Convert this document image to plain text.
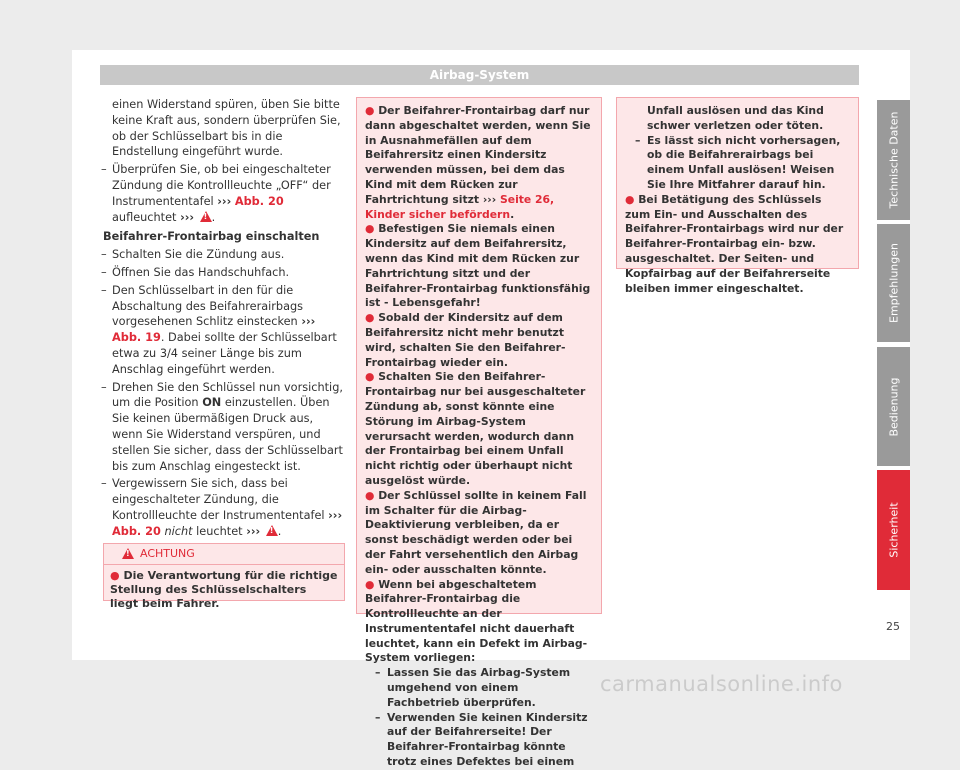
Airbag-System

einen Widerstand spüren, üben Sie bitte keine Kraft aus, sondern überprüfen Sie, ob der Schlüsselbart bis in die Endstellung eingeführt wurde.

– Überprüfen Sie, ob bei eingeschalteter Zündung die Kontrollleuchte „OFF“ der Instrumententafel ››› Abb. 20 aufleuchtet ››› ! .
Beifahrer-Frontairbag einschalten
– Schalten Sie die Zündung aus.
– Öffnen Sie das Handschuhfach.
– Den Schlüsselbart in den für die Abschaltung des Beifahrerairbags vorgesehenen Schlitz einstecken ››› Abb. 19. Dabei sollte der Schlüsselbart etwa zu 3/4 seiner Länge bis zum Anschlag eingeführt werden.
– Drehen Sie den Schlüssel nun vorsichtig, um die Position ON einzustellen. Üben Sie keinen übermäßigen Druck aus, wenn Sie Widerstand verspüren, und stellen Sie sicher, dass der Schlüsselbart bis zum Anschlag eingesteckt ist.
– Vergewissern Sie sich, dass bei eingeschalteter Zündung, die Kontrollleuchte der Instrumententafel ››› Abb. 20 nicht leuchtet ››› ! .
!
ACHTUNG
● Die Verantwortung für die richtige Stellung des Schlüsselschalters liegt beim Fahrer.

● Der Beifahrer-Frontairbag darf nur dann abgeschaltet werden, wenn Sie in Ausnahmefällen auf dem Beifahrersitz einen Kindersitz verwenden müssen, bei dem das Kind mit dem Rücken zur Fahrtrichtung sitzt ››› Seite 26, Kinder sicher befördern.

● Befestigen Sie niemals einen Kindersitz auf dem Beifahrersitz, wenn das Kind mit dem Rücken zur Fahrtrichtung sitzt und der Beifahrer-Frontairbag funktionsfähig ist - Lebensgefahr!

● Sobald der Kindersitz auf dem Beifahrersitz nicht mehr benutzt wird, schalten Sie den Beifahrer-Frontairbag wieder ein.

● Schalten Sie den Beifahrer-Frontairbag nur bei ausgeschalteter Zündung ab, sonst könnte eine Störung im Airbag-System verursacht werden, wodurch dann der Frontairbag bei einem Unfall nicht richtig oder überhaupt nicht ausgelöst würde.

● Der Schlüssel sollte in keinem Fall im Schalter für die Airbag-Deaktivierung verbleiben, da er sonst beschädigt werden oder bei der Fahrt versehentlich den Airbag ein- oder ausschalten könnte.

● Wenn bei abgeschaltetem Beifahrer-Frontairbag die Kontrollleuchte an der Instrumententafel nicht dauerhaft leuchtet, kann ein Defekt im Airbag-System vorliegen:

– Lassen Sie das Airbag-System umgehend von einem Fachbetrieb überprüfen.

– Verwenden Sie keinen Kindersitz auf der Beifahrerseite! Der Beifahrer-Frontairbag könnte trotz eines Defektes bei einem

Unfall auslösen und das Kind schwer verletzen oder töten.

– Es lässt sich nicht vorhersagen, ob die Beifahrerairbags bei einem Unfall auslösen! Weisen Sie Ihre Mitfahrer darauf hin.

● Bei Betätigung des Schlüssels zum Ein- und Ausschalten des Beifahrer-Frontairbags wird nur der Beifahrer-Frontairbag ein- bzw. ausgeschaltet. Der Seiten- und Kopfairbag auf der Beifahrerseite bleiben immer eingeschaltet.

Technische Daten
Empfehlungen
Bedienung
Sicherheit
25
carmanualsonline.info
